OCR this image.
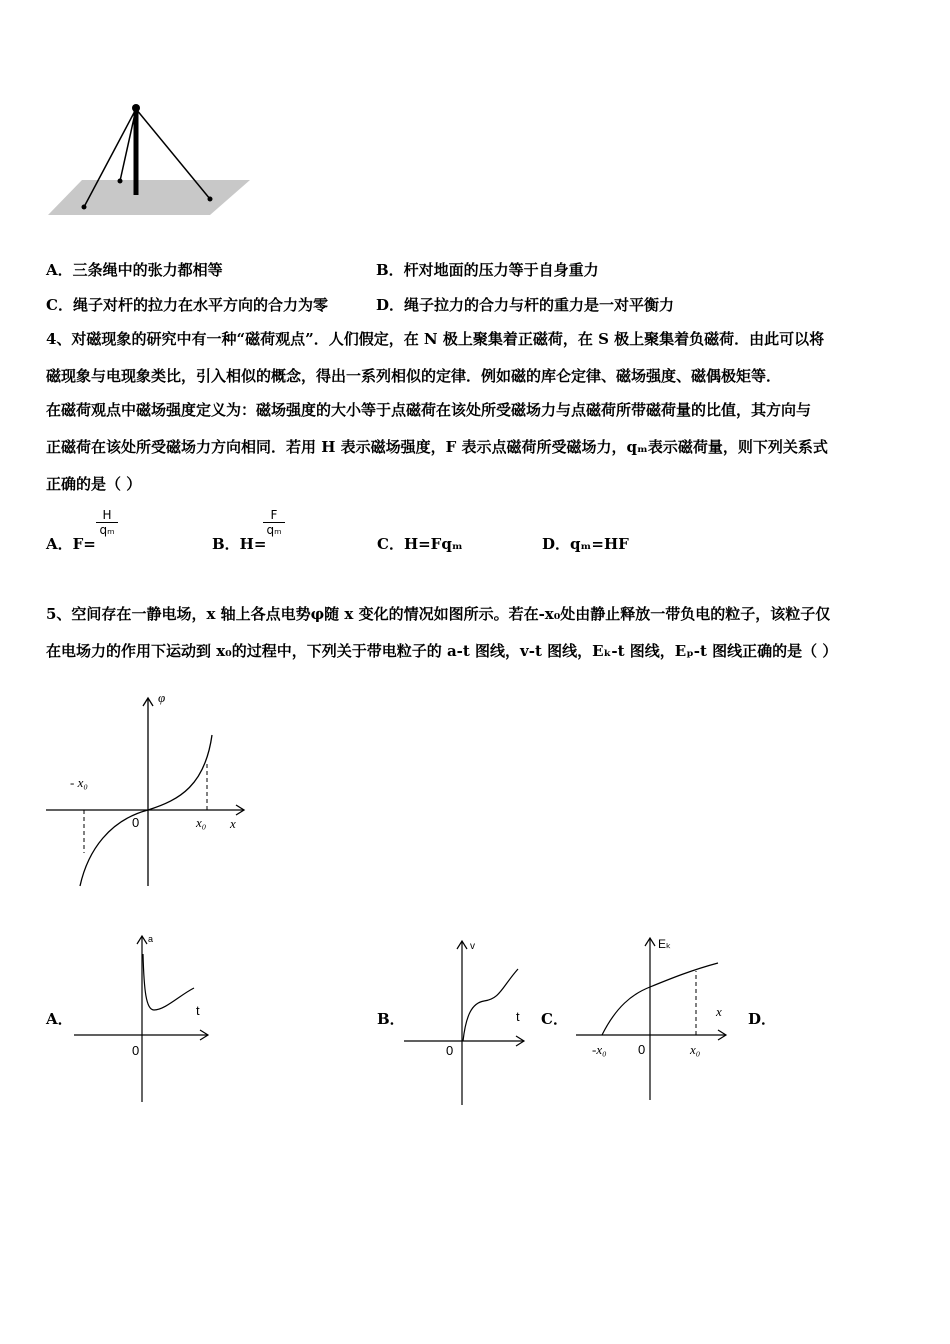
A．三条绳中的张力都相等	B．杆对地面的压力等于自身重力
C．绳子对杆的拉力在水平方向的合力为零	D．绳子拉力的合力与杆的重力是一对平衡力
4、对磁现象的研究中有一种“磁荷观点”．人们假定，在 N 极上聚集着正磁荷，在 S 极上聚集着负磁荷．由此可以将
磁现象与电现象类比，引入相似的概念，得出一系列相似的定律．例如磁的库仑定律、磁场强度、磁偶极矩等．
在磁荷观点中磁场强度定义为：磁场强度的大小等于点磁荷在该处所受磁场力与点磁荷所带磁荷量的比值，其方向与
正磁荷在该处所受磁场力方向相同．若用 H 表示磁场强度，F 表示点磁荷所受磁场力，qₘ表示磁荷量，则下列关系式
正确的是（ ）
A．F=
H
qₘ
B．H=
F
qₘ
C．H=Fqₘ	D．qₘ=HF
5、空间存在一静电场，x 轴上各点电势φ随 x 变化的情况如图所示。若在-x₀处由静止释放一带负电的粒子，该粒子仅
在电场力的作用下运动到 x₀的过程中，下列关于带电粒子的 a-t 图线，v-t 图线，Eₖ-t 图线，Eₚ-t 图线正确的是（ ）
φ
x
0
- x₀
x₀
A．
a
t
0
B．
v
t
0
C．
Eₖ
x
0
-x₀	x₀
D．
